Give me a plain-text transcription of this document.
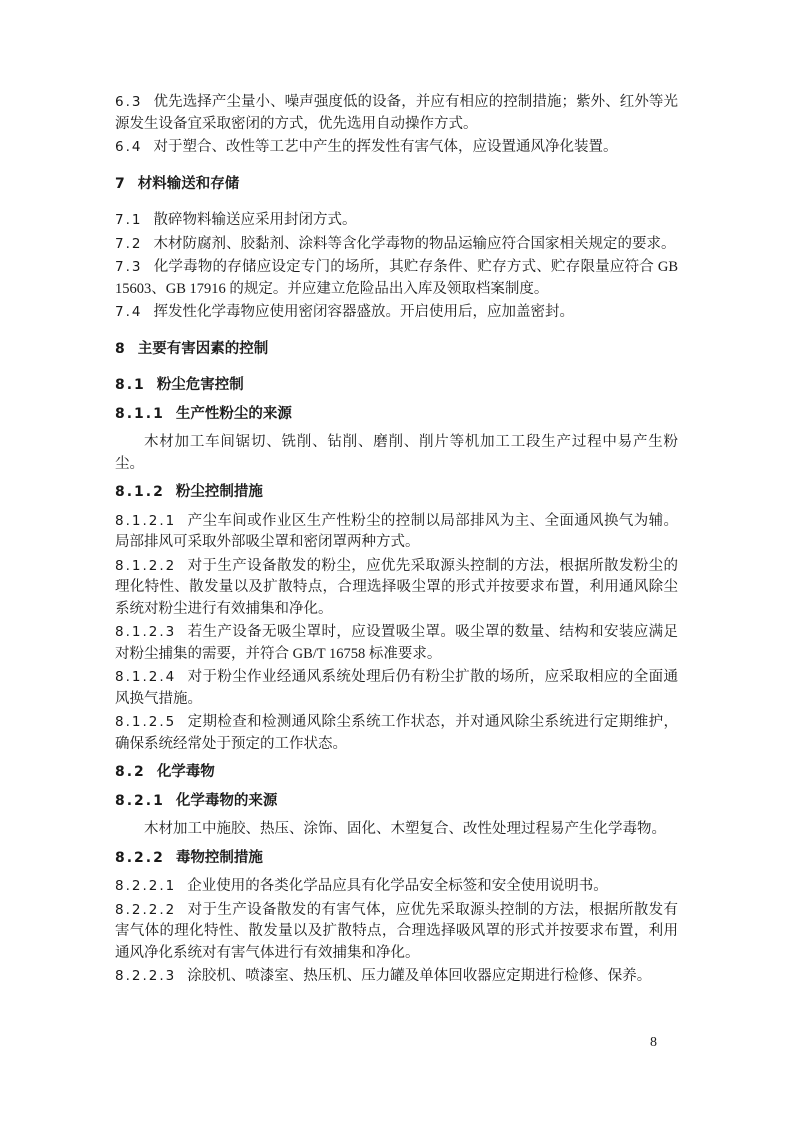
6.3 优先选择产尘量小、噪声强度低的设备，并应有相应的控制措施；紫外、红外等光源发生设备宜采取密闭的方式，优先选用自动操作方式。

6.4 对于塑合、改性等工艺中产生的挥发性有害气体，应设置通风净化装置。

7 材料输送和存储

7.1 散碎物料输送应采用封闭方式。

7.2 木材防腐剂、胶黏剂、涂料等含化学毒物的物品运输应符合国家相关规定的要求。

7.3 化学毒物的存储应设定专门的场所，其贮存条件、贮存方式、贮存限量应符合 GB 15603、GB 17916 的规定。并应建立危险品出入库及领取档案制度。

7.4 挥发性化学毒物应使用密闭容器盛放。开启使用后，应加盖密封。

8 主要有害因素的控制
8.1 粉尘危害控制
8.1.1 生产性粉尘的来源

木材加工车间锯切、铣削、钻削、磨削、削片等机加工工段生产过程中易产生粉尘。

8.1.2 粉尘控制措施

8.1.2.1 产尘车间或作业区生产性粉尘的控制以局部排风为主、全面通风换气为辅。局部排风可采取外部吸尘罩和密闭罩两种方式。

8.1.2.2 对于生产设备散发的粉尘，应优先采取源头控制的方法，根据所散发粉尘的理化特性、散发量以及扩散特点，合理选择吸尘罩的形式并按要求布置，利用通风除尘系统对粉尘进行有效捕集和净化。

8.1.2.3 若生产设备无吸尘罩时，应设置吸尘罩。吸尘罩的数量、结构和安装应满足对粉尘捕集的需要，并符合 GB/T 16758 标准要求。

8.1.2.4 对于粉尘作业经通风系统处理后仍有粉尘扩散的场所，应采取相应的全面通风换气措施。

8.1.2.5 定期检查和检测通风除尘系统工作状态，并对通风除尘系统进行定期维护，确保系统经常处于预定的工作状态。

8.2 化学毒物
8.2.1 化学毒物的来源

木材加工中施胶、热压、涂饰、固化、木塑复合、改性处理过程易产生化学毒物。

8.2.2 毒物控制措施

8.2.2.1 企业使用的各类化学品应具有化学品安全标签和安全使用说明书。

8.2.2.2 对于生产设备散发的有害气体，应优先采取源头控制的方法，根据所散发有害气体的理化特性、散发量以及扩散特点，合理选择吸风罩的形式并按要求布置，利用通风净化系统对有害气体进行有效捕集和净化。

8.2.2.3 涂胶机、喷漆室、热压机、压力罐及单体回收器应定期进行检修、保养。

8
